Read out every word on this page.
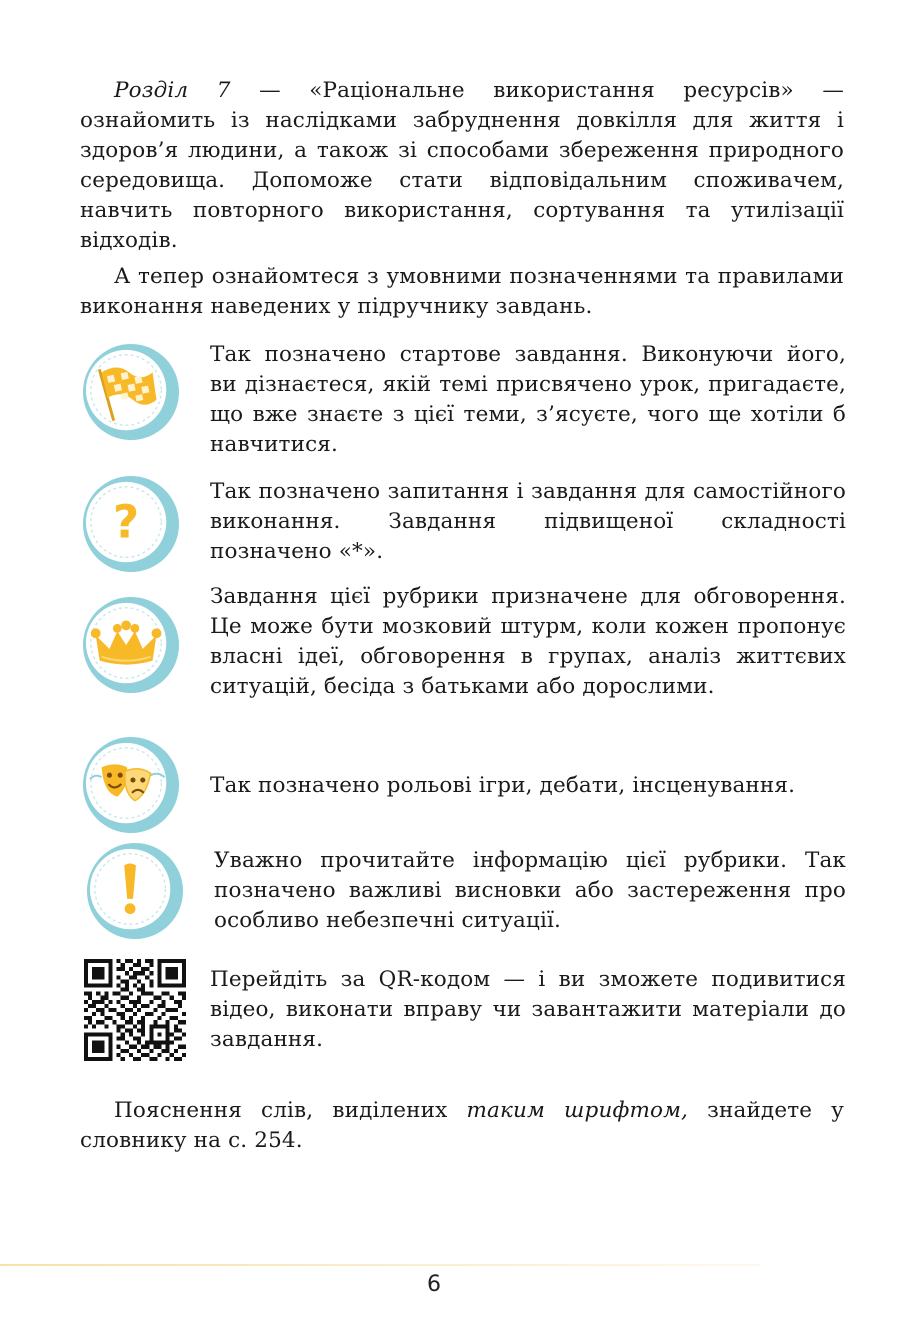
Розділ 7 — «Раціональне використання ресурсів» — ознайомить із наслідками забруднення довкілля для життя і здоров’я людини, а також зі способами збереження природного середовища. Допоможе стати відповідальним споживачем, навчить повторного використання, сортування та утилізації відходів.

А тепер ознайомтеся з умовними позначеннями та правилами виконання наведених у підручнику завдань.

Так позначено стартове завдання. Виконуючи його, ви дізнаєтеся, якій темі присвячено урок, пригадаєте, що вже знаєте з цієї теми, з’ясуєте, чого ще хотіли б навчитися.

?

Так позначено запитання і завдання для самостійного виконання. Завдання підвищеної складності позначено «*».

Завдання цієї рубрики призначене для обговорення. Це може бути мозковий штурм, коли кожен пропонує власні ідеї, обговорення в групах, аналіз життєвих ситуацій, бесіда з батьками або дорослими.

Так позначено рольові ігри, дебати, інсценування.

Уважно прочитайте інформацію цієї рубрики. Так позначено важливі висновки або застереження про особливо небезпечні ситуації.

Перейдіть за QR-кодом — і ви зможете подивитися відео, виконати вправу чи завантажити матеріали до завдання.

Пояснення слів, виділених таким шрифтом, знайдете у словнику на с. 254.

6
